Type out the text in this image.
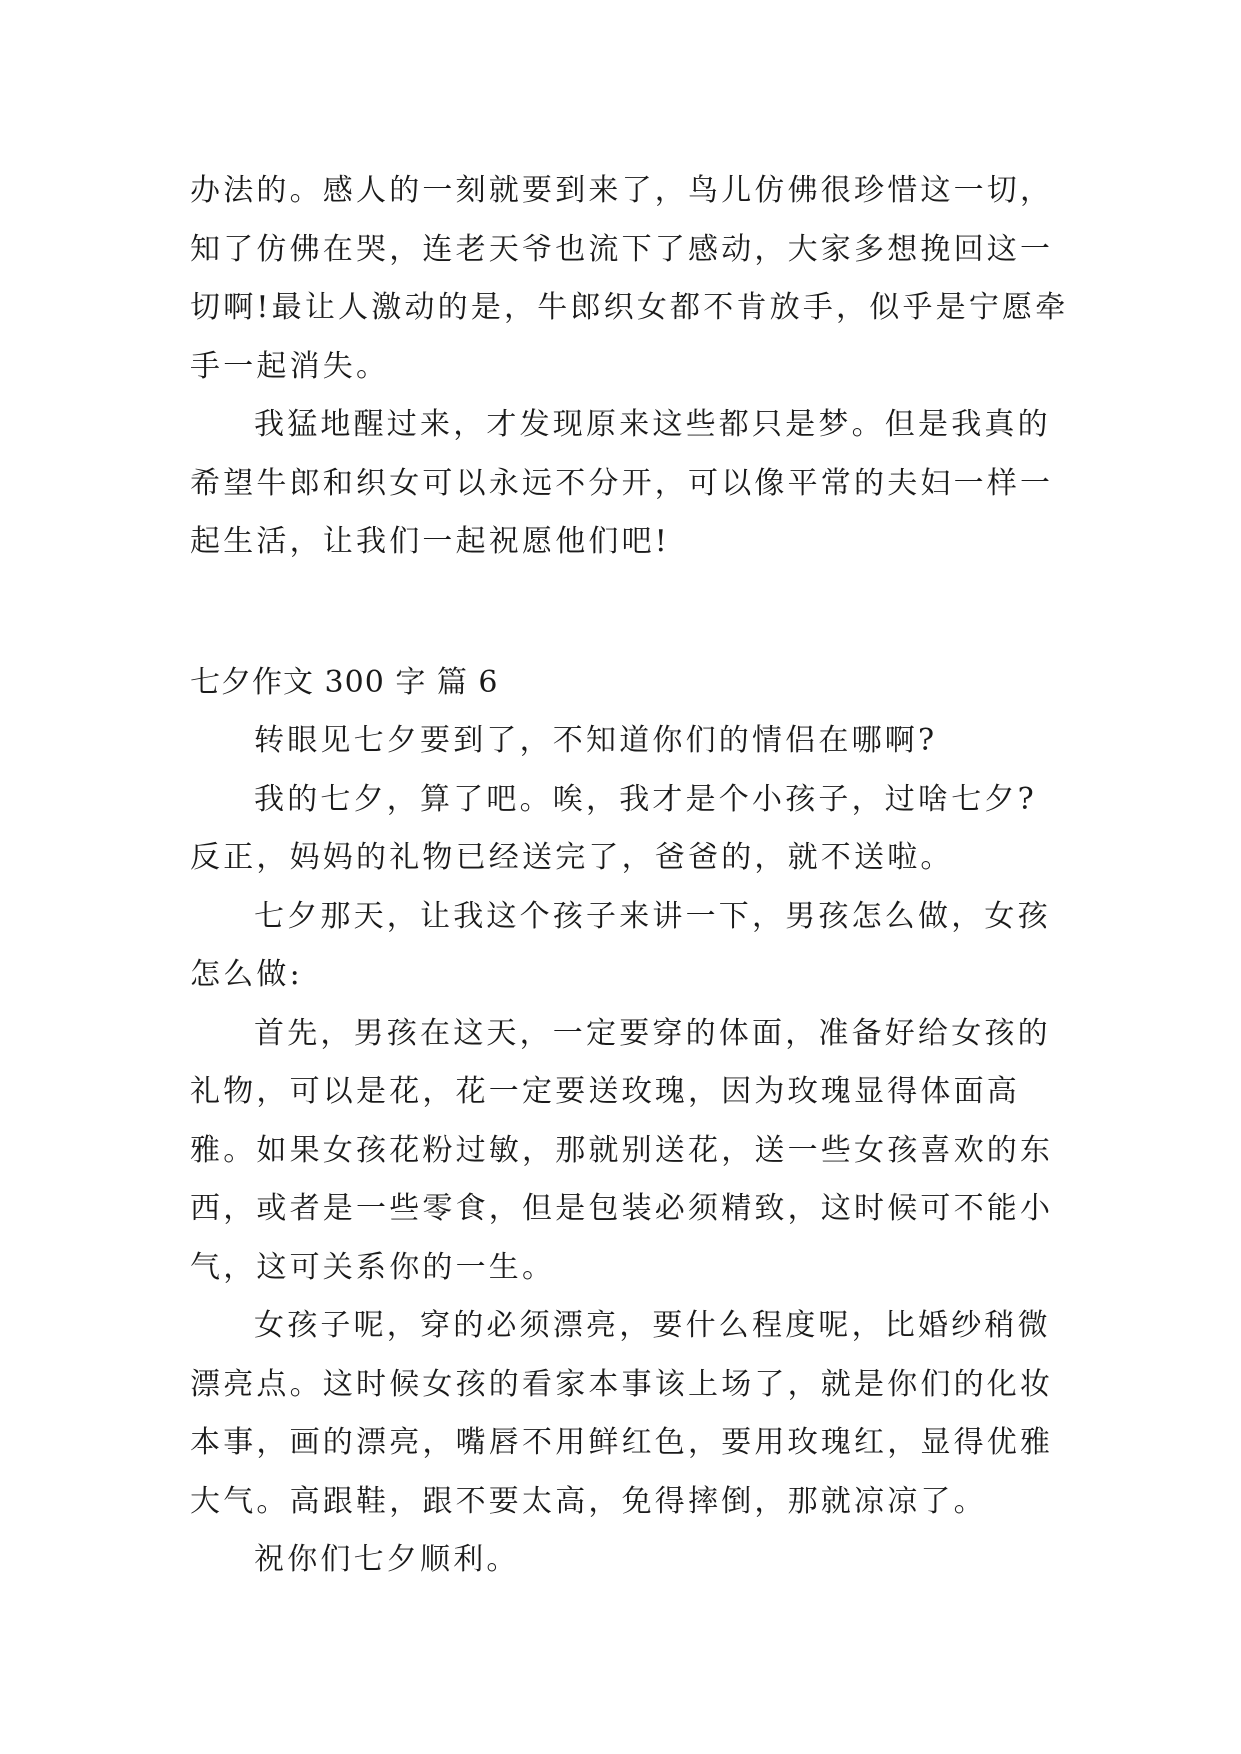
办法的。感人的一刻就要到来了，鸟儿仿佛很珍惜这一切，知了仿佛在哭，连老天爷也流下了感动，大家多想挽回这一切啊!最让人激动的是，牛郎织女都不肯放手，似乎是宁愿牵手一起消失。

我猛地醒过来，才发现原来这些都只是梦。但是我真的希望牛郎和织女可以永远不分开，可以像平常的夫妇一样一起生活，让我们一起祝愿他们吧!

七夕作文 300 字 篇 6

转眼见七夕要到了，不知道你们的情侣在哪啊?

我的七夕，算了吧。唉，我才是个小孩子，过啥七夕?反正，妈妈的礼物已经送完了，爸爸的，就不送啦。

七夕那天，让我这个孩子来讲一下，男孩怎么做，女孩怎么做:

首先，男孩在这天，一定要穿的体面，准备好给女孩的礼物，可以是花，花一定要送玫瑰，因为玫瑰显得体面高雅。如果女孩花粉过敏，那就别送花，送一些女孩喜欢的东西，或者是一些零食，但是包装必须精致，这时候可不能小气，这可关系你的一生。

女孩子呢，穿的必须漂亮，要什么程度呢，比婚纱稍微漂亮点。这时候女孩的看家本事该上场了，就是你们的化妆本事，画的漂亮，嘴唇不用鲜红色，要用玫瑰红，显得优雅大气。高跟鞋，跟不要太高，免得摔倒，那就凉凉了。

祝你们七夕顺利。
